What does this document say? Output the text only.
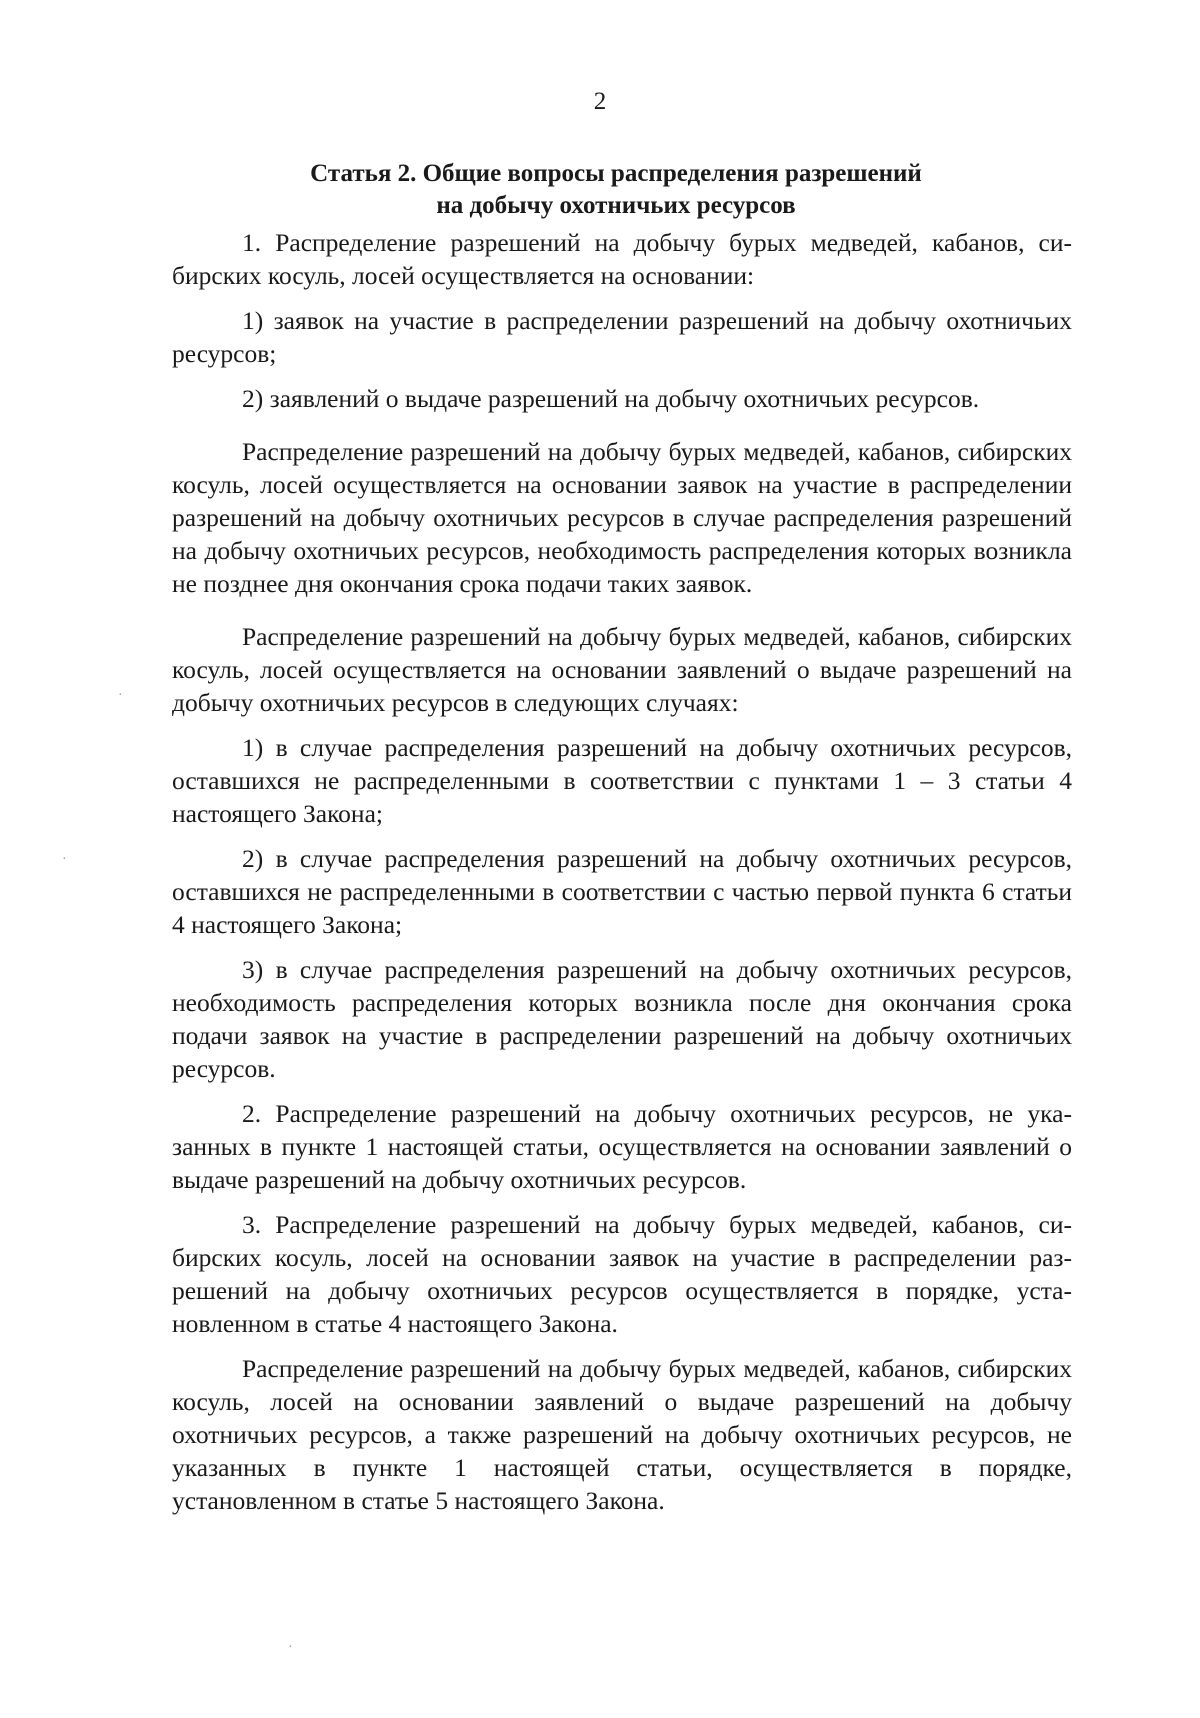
·
·
·
2
Статья 2. Общие вопросы распределения разрешений
на добычу охотничьих ресурсов

1. Распределение разрешений на добычу бурых медведей, кабанов, сибирских косуль, лосей осуществляется на основании:

1) заявок на участие в распределении разрешений на добычу охотничьих ресурсов;

2) заявлений о выдаче разрешений на добычу охотничьих ресурсов.

Распределение разрешений на добычу бурых медведей, кабанов, сибирских косуль, лосей осуществляется на основании заявок на участие в распределении разрешений на добычу охотничьих ресурсов в случае распределения разрешений на добычу охотничьих ресурсов, необходимость распределения которых возникла не позднее дня окончания срока подачи таких заявок.

Распределение разрешений на добычу бурых медведей, кабанов, сибирских косуль, лосей осуществляется на основании заявлений о выдаче разрешений на добычу охотничьих ресурсов в следующих случаях:

1) в случае распределения разрешений на добычу охотничьих ресурсов, оставшихся не распределенными в соответствии с пунктами 1 – 3 статьи 4 настоящего Закона;

2) в случае распределения разрешений на добычу охотничьих ресурсов, оставшихся не распределенными в соответствии с частью первой пункта 6 статьи 4 настоящего Закона;

3) в случае распределения разрешений на добычу охотничьих ресурсов, необходимость распределения которых возникла после дня окончания срока подачи заявок на участие в распределении разрешений на добычу охотничьих ресурсов.

2. Распределение разрешений на добычу охотничьих ресурсов, не указанных в пункте 1 настоящей статьи, осуществляется на основании заявлений о выдаче разрешений на добычу охотничьих ресурсов.

3. Распределение разрешений на добычу бурых медведей, кабанов, сибирских косуль, лосей на основании заявок на участие в распределении разрешений на добычу охотничьих ресурсов осуществляется в порядке, установленном в статье 4 настоящего Закона.

Распределение разрешений на добычу бурых медведей, кабанов, сибирских косуль, лосей на основании заявлений о выдаче разрешений на добычу охотничьих ресурсов, а также разрешений на добычу охотничьих ресурсов, не указанных в пункте 1 настоящей статьи, осуществляется в порядке, установленном в статье 5 настоящего Закона.
